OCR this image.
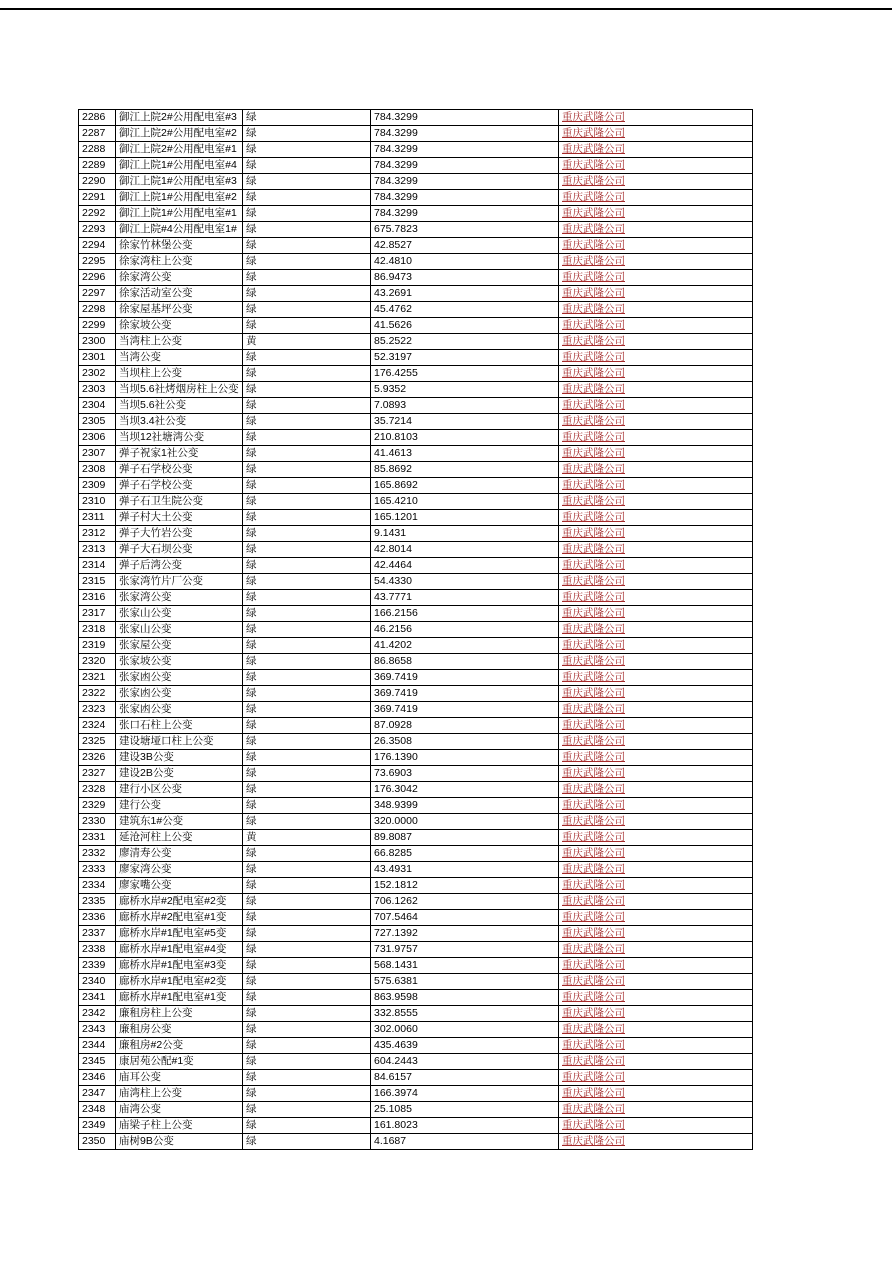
2286	御江上院2#公用配电室#3	绿	784.3299	重庆武隆公司
2287	御江上院2#公用配电室#2	绿	784.3299	重庆武隆公司
2288	御江上院2#公用配电室#1	绿	784.3299	重庆武隆公司
2289	御江上院1#公用配电室#4	绿	784.3299	重庆武隆公司
2290	御江上院1#公用配电室#3	绿	784.3299	重庆武隆公司
2291	御江上院1#公用配电室#2	绿	784.3299	重庆武隆公司
2292	御江上院1#公用配电室#1	绿	784.3299	重庆武隆公司
2293	御江上院#4公用配电室1#	绿	675.7823	重庆武隆公司
2294	徐家竹林堡公变	绿	42.8527	重庆武隆公司
2295	徐家湾柱上公变	绿	42.4810	重庆武隆公司
2296	徐家湾公变	绿	86.9473	重庆武隆公司
2297	徐家活动室公变	绿	43.2691	重庆武隆公司
2298	徐家屋基坪公变	绿	45.4762	重庆武隆公司
2299	徐家坡公变	绿	41.5626	重庆武隆公司
2300	当湾柱上公变	黄	85.2522	重庆武隆公司
2301	当湾公变	绿	52.3197	重庆武隆公司
2302	当坝柱上公变	绿	176.4255	重庆武隆公司
2303	当坝5.6社烤烟房柱上公变	绿	5.9352	重庆武隆公司
2304	当坝5.6社公变	绿	7.0893	重庆武隆公司
2305	当坝3.4社公变	绿	35.7214	重庆武隆公司
2306	当坝12社塘湾公变	绿	210.8103	重庆武隆公司
2307	弹子祝家1社公变	绿	41.4613	重庆武隆公司
2308	弹子石学校公变	绿	85.8692	重庆武隆公司
2309	弹子石学校公变	绿	165.8692	重庆武隆公司
2310	弹子石卫生院公变	绿	165.4210	重庆武隆公司
2311	弹子村大土公变	绿	165.1201	重庆武隆公司
2312	弹子大竹岩公变	绿	9.1431	重庆武隆公司
2313	弹子大石坝公变	绿	42.8014	重庆武隆公司
2314	弹子后湾公变	绿	42.4464	重庆武隆公司
2315	张家湾竹片厂公变	绿	54.4330	重庆武隆公司
2316	张家湾公变	绿	43.7771	重庆武隆公司
2317	张家山公变	绿	166.2156	重庆武隆公司
2318	张家山公变	绿	46.2156	重庆武隆公司
2319	张家屋公变	绿	41.4202	重庆武隆公司
2320	张家坡公变	绿	86.8658	重庆武隆公司
2321	张家凼公变	绿	369.7419	重庆武隆公司
2322	张家凼公变	绿	369.7419	重庆武隆公司
2323	张家凼公变	绿	369.7419	重庆武隆公司
2324	张口石柱上公变	绿	87.0928	重庆武隆公司
2325	建设塘垭口柱上公变	绿	26.3508	重庆武隆公司
2326	建设3B公变	绿	176.1390	重庆武隆公司
2327	建设2B公变	绿	73.6903	重庆武隆公司
2328	建行小区公变	绿	176.3042	重庆武隆公司
2329	建行公变	绿	348.9399	重庆武隆公司
2330	建筑东1#公变	绿	320.0000	重庆武隆公司
2331	延沧河柱上公变	黄	89.8087	重庆武隆公司
2332	廖清寿公变	绿	66.8285	重庆武隆公司
2333	廖家湾公变	绿	43.4931	重庆武隆公司
2334	廖家嘴公变	绿	152.1812	重庆武隆公司
2335	廊桥水岸#2配电室#2变	绿	706.1262	重庆武隆公司
2336	廊桥水岸#2配电室#1变	绿	707.5464	重庆武隆公司
2337	廊桥水岸#1配电室#5变	绿	727.1392	重庆武隆公司
2338	廊桥水岸#1配电室#4变	绿	731.9757	重庆武隆公司
2339	廊桥水岸#1配电室#3变	绿	568.1431	重庆武隆公司
2340	廊桥水岸#1配电室#2变	绿	575.6381	重庆武隆公司
2341	廊桥水岸#1配电室#1变	绿	863.9598	重庆武隆公司
2342	廉租房柱上公变	绿	332.8555	重庆武隆公司
2343	廉租房公变	绿	302.0060	重庆武隆公司
2344	廉租房#2公变	绿	435.4639	重庆武隆公司
2345	康居苑公配#1变	绿	604.2443	重庆武隆公司
2346	庙耳公变	绿	84.6157	重庆武隆公司
2347	庙湾柱上公变	绿	166.3974	重庆武隆公司
2348	庙湾公变	绿	25.1085	重庆武隆公司
2349	庙梁子柱上公变	绿	161.8023	重庆武隆公司
2350	庙树9B公变	绿	4.1687	重庆武隆公司
